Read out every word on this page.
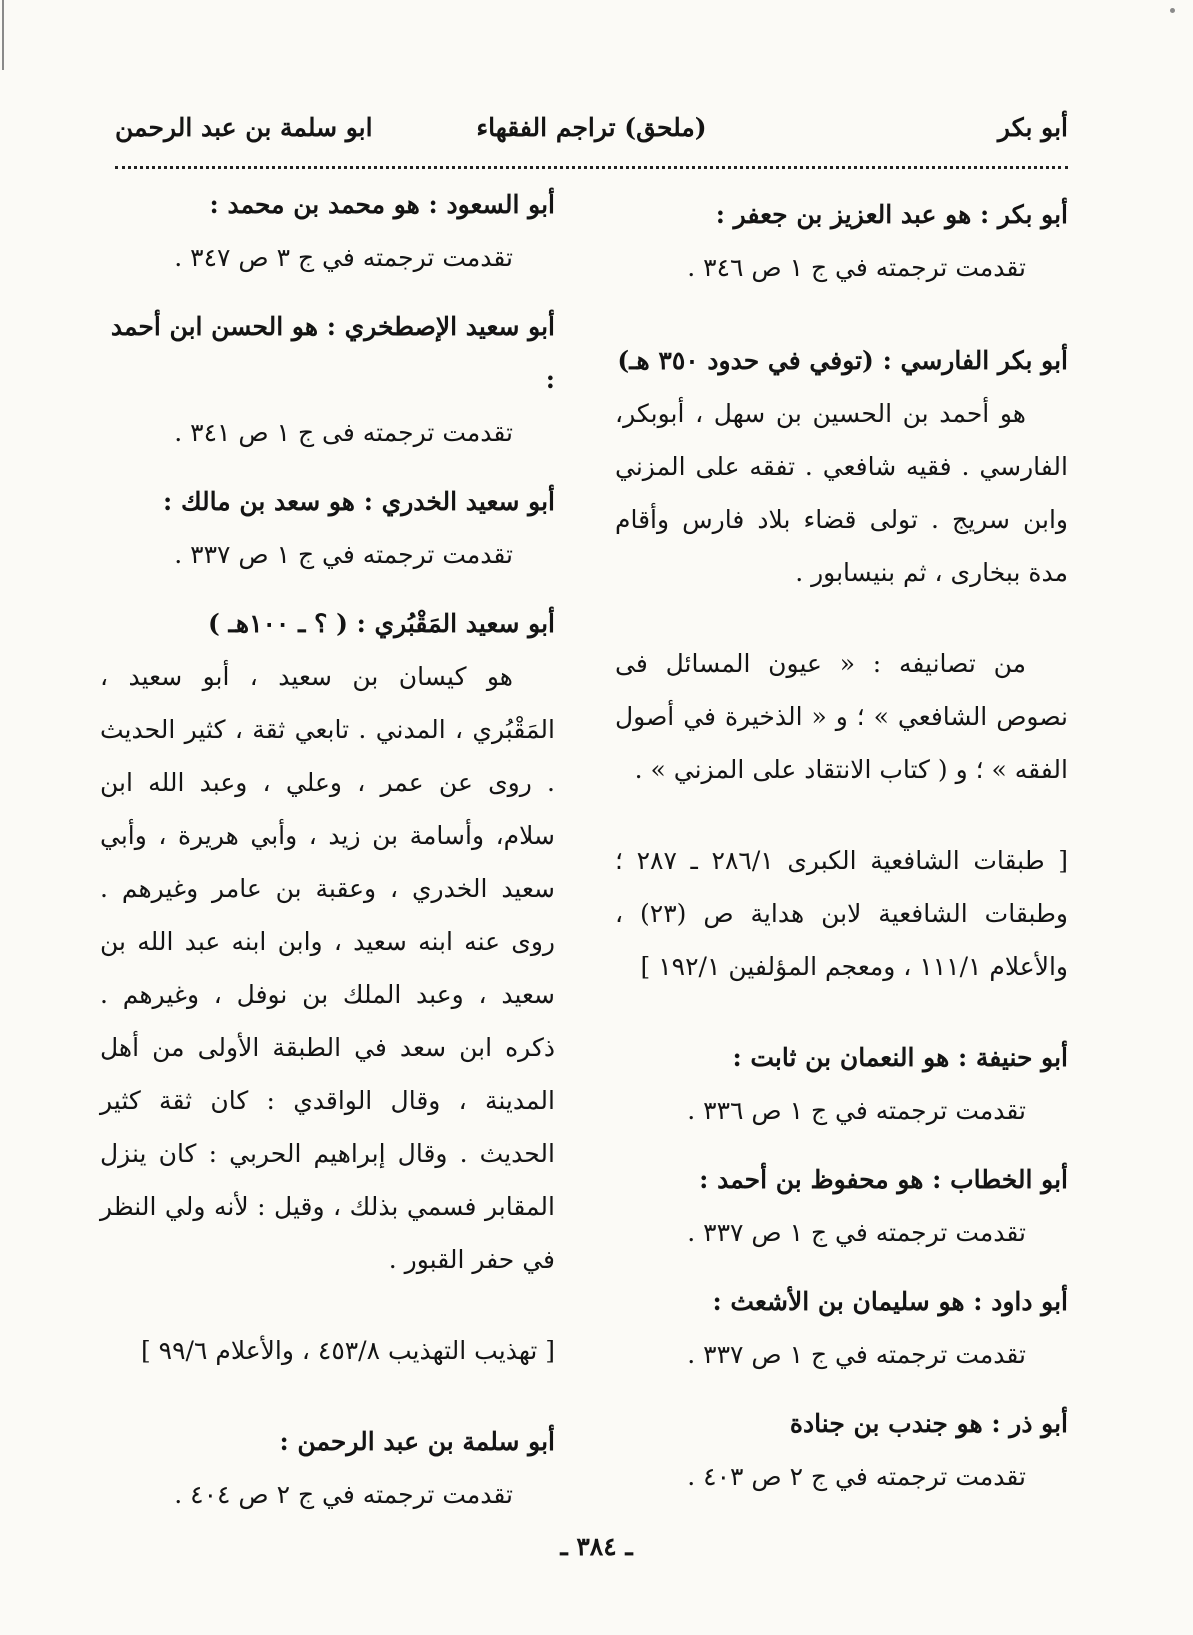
أبو بكر
(ملحق) تراجم الفقهاء
ابو سلمة بن عبد الرحمن
أبو بكر : هو عبد العزيز بن جعفر :
تقدمت ترجمته في ج ١ ص ٣٤٦ .
أبو بكر الفارسي : (توفي في حدود ٣٥٠ هـ)
هو أحمد بن الحسين بن سهل ، أبوبكر، الفارسي . فقيه شافعي . تفقه على المزني وابن سريج . تولى قضاء بلاد فارس وأقام مدة ببخارى ، ثم بنيسابور .
من تصانيفه : « عيون المسائل فى نصوص الشافعي » ؛ و « الذخيرة في أصول الفقه » ؛ و ( كتاب الانتقاد على المزني » .
[ طبقات الشافعية الكبرى ٢٨٦/١ ـ ٢٨٧ ؛ وطبقات الشافعية لابن هداية ص (٢٣) ، والأعلام ١١١/١ ، ومعجم المؤلفين ١٩٢/١ ]
أبو حنيفة : هو النعمان بن ثابت :
تقدمت ترجمته في ج ١ ص ٣٣٦ .
أبو الخطاب : هو محفوظ بن أحمد :
تقدمت ترجمته في ج ١ ص ٣٣٧ .
أبو داود : هو سليمان بن الأشعث :
تقدمت ترجمته في ج ١ ص ٣٣٧ .
أبو ذر : هو جندب بن جنادة
تقدمت ترجمته في ج ٢ ص ٤٠٣ .
أبو السعود : هو محمد بن محمد :
تقدمت ترجمته في ج ٣ ص ٣٤٧ .
أبو سعيد الإصطخري : هو الحسن ابن أحمد :
تقدمت ترجمته فى ج ١ ص ٣٤١ .
أبو سعيد الخدري : هو سعد بن مالك :
تقدمت ترجمته في ج ١ ص ٣٣٧ .
أبو سعيد المَقْبُري : ( ؟ ـ ١٠٠هـ )
هو كيسان بن سعيد ، أبو سعيد ، المَقْبُري ، المدني . تابعي ثقة ، كثير الحديث . روى عن عمر ، وعلي ، وعبد الله ابن سلام، وأسامة بن زيد ، وأبي هريرة ، وأبي سعيد الخدري ، وعقبة بن عامر وغيرهم . روى عنه ابنه سعيد ، وابن ابنه عبد الله بن سعيد ، وعبد الملك بن نوفل ، وغيرهم . ذكره ابن سعد في الطبقة الأولى من أهل المدينة ، وقال الواقدي : كان ثقة كثير الحديث . وقال إبراهيم الحربي : كان ينزل المقابر فسمي بذلك ، وقيل : لأنه ولي النظر في حفر القبور .
[ تهذيب التهذيب ٤٥٣/٨ ، والأعلام ٩٩/٦ ]
أبو سلمة بن عبد الرحمن :
تقدمت ترجمته في ج ٢ ص ٤٠٤ .
ـ ٣٨٤ ـ
